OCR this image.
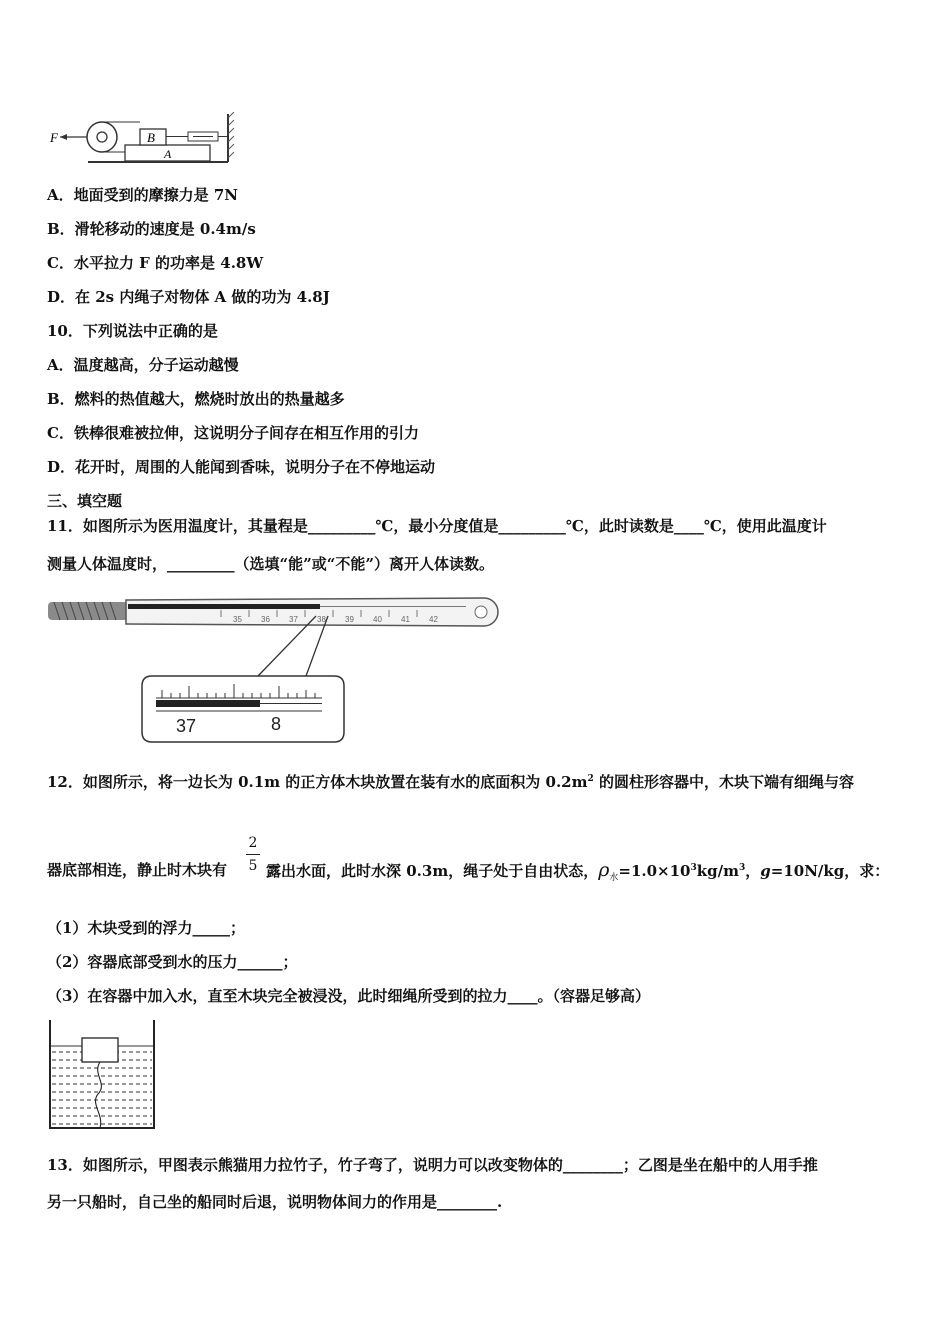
F	B
A
A．地面受到的摩擦力是 7N
B．滑轮移动的速度是 0.4m/s
C．水平拉力 F 的功率是 4.8W
D．在 2s 内绳子对物体 A 做的功为 4.8J
10．下列说法中正确的是
A．温度越高，分子运动越慢
B．燃料的热值越大，燃烧时放出的热量越多
C．铁棒很难被拉伸，这说明分子间存在相互作用的引力
D．花开时，周围的人能闻到香味，说明分子在不停地运动
三、填空题
11．如图所示为医用温度计，其量程是_________℃，最小分度值是_________℃，此时读数是____℃，使用此温度计
测量人体温度时，_________（选填“能”或“不能”）离开人体读数。
35 36 37 38 39 40 41 42
37	8
12．如图所示，将一边长为 0.1m 的正方体木块放置在装有水的底面积为 $0.2m^2$ 的圆柱形容器中，木块下端有细绳与容
器底部相连，静止时木块有
2
5 露出水面，此时水深 0.3m，绳子处于自由状态，$\rho_水=1.0\times 10^3kg/m^3$，g=10N/kg，求：
（1）木块受到的浮力_____；
（2）容器底部受到水的压力______；
（3）在容器中加入水，直至木块完全被浸没，此时细绳所受到的拉力____。（容器足够高）
13．如图所示，甲图表示熊猫用力拉竹子，竹子弯了，说明力可以改变物体的________；乙图是坐在船中的人用手推
另一只船时，自己坐的船同时后退，说明物体间力的作用是________.
